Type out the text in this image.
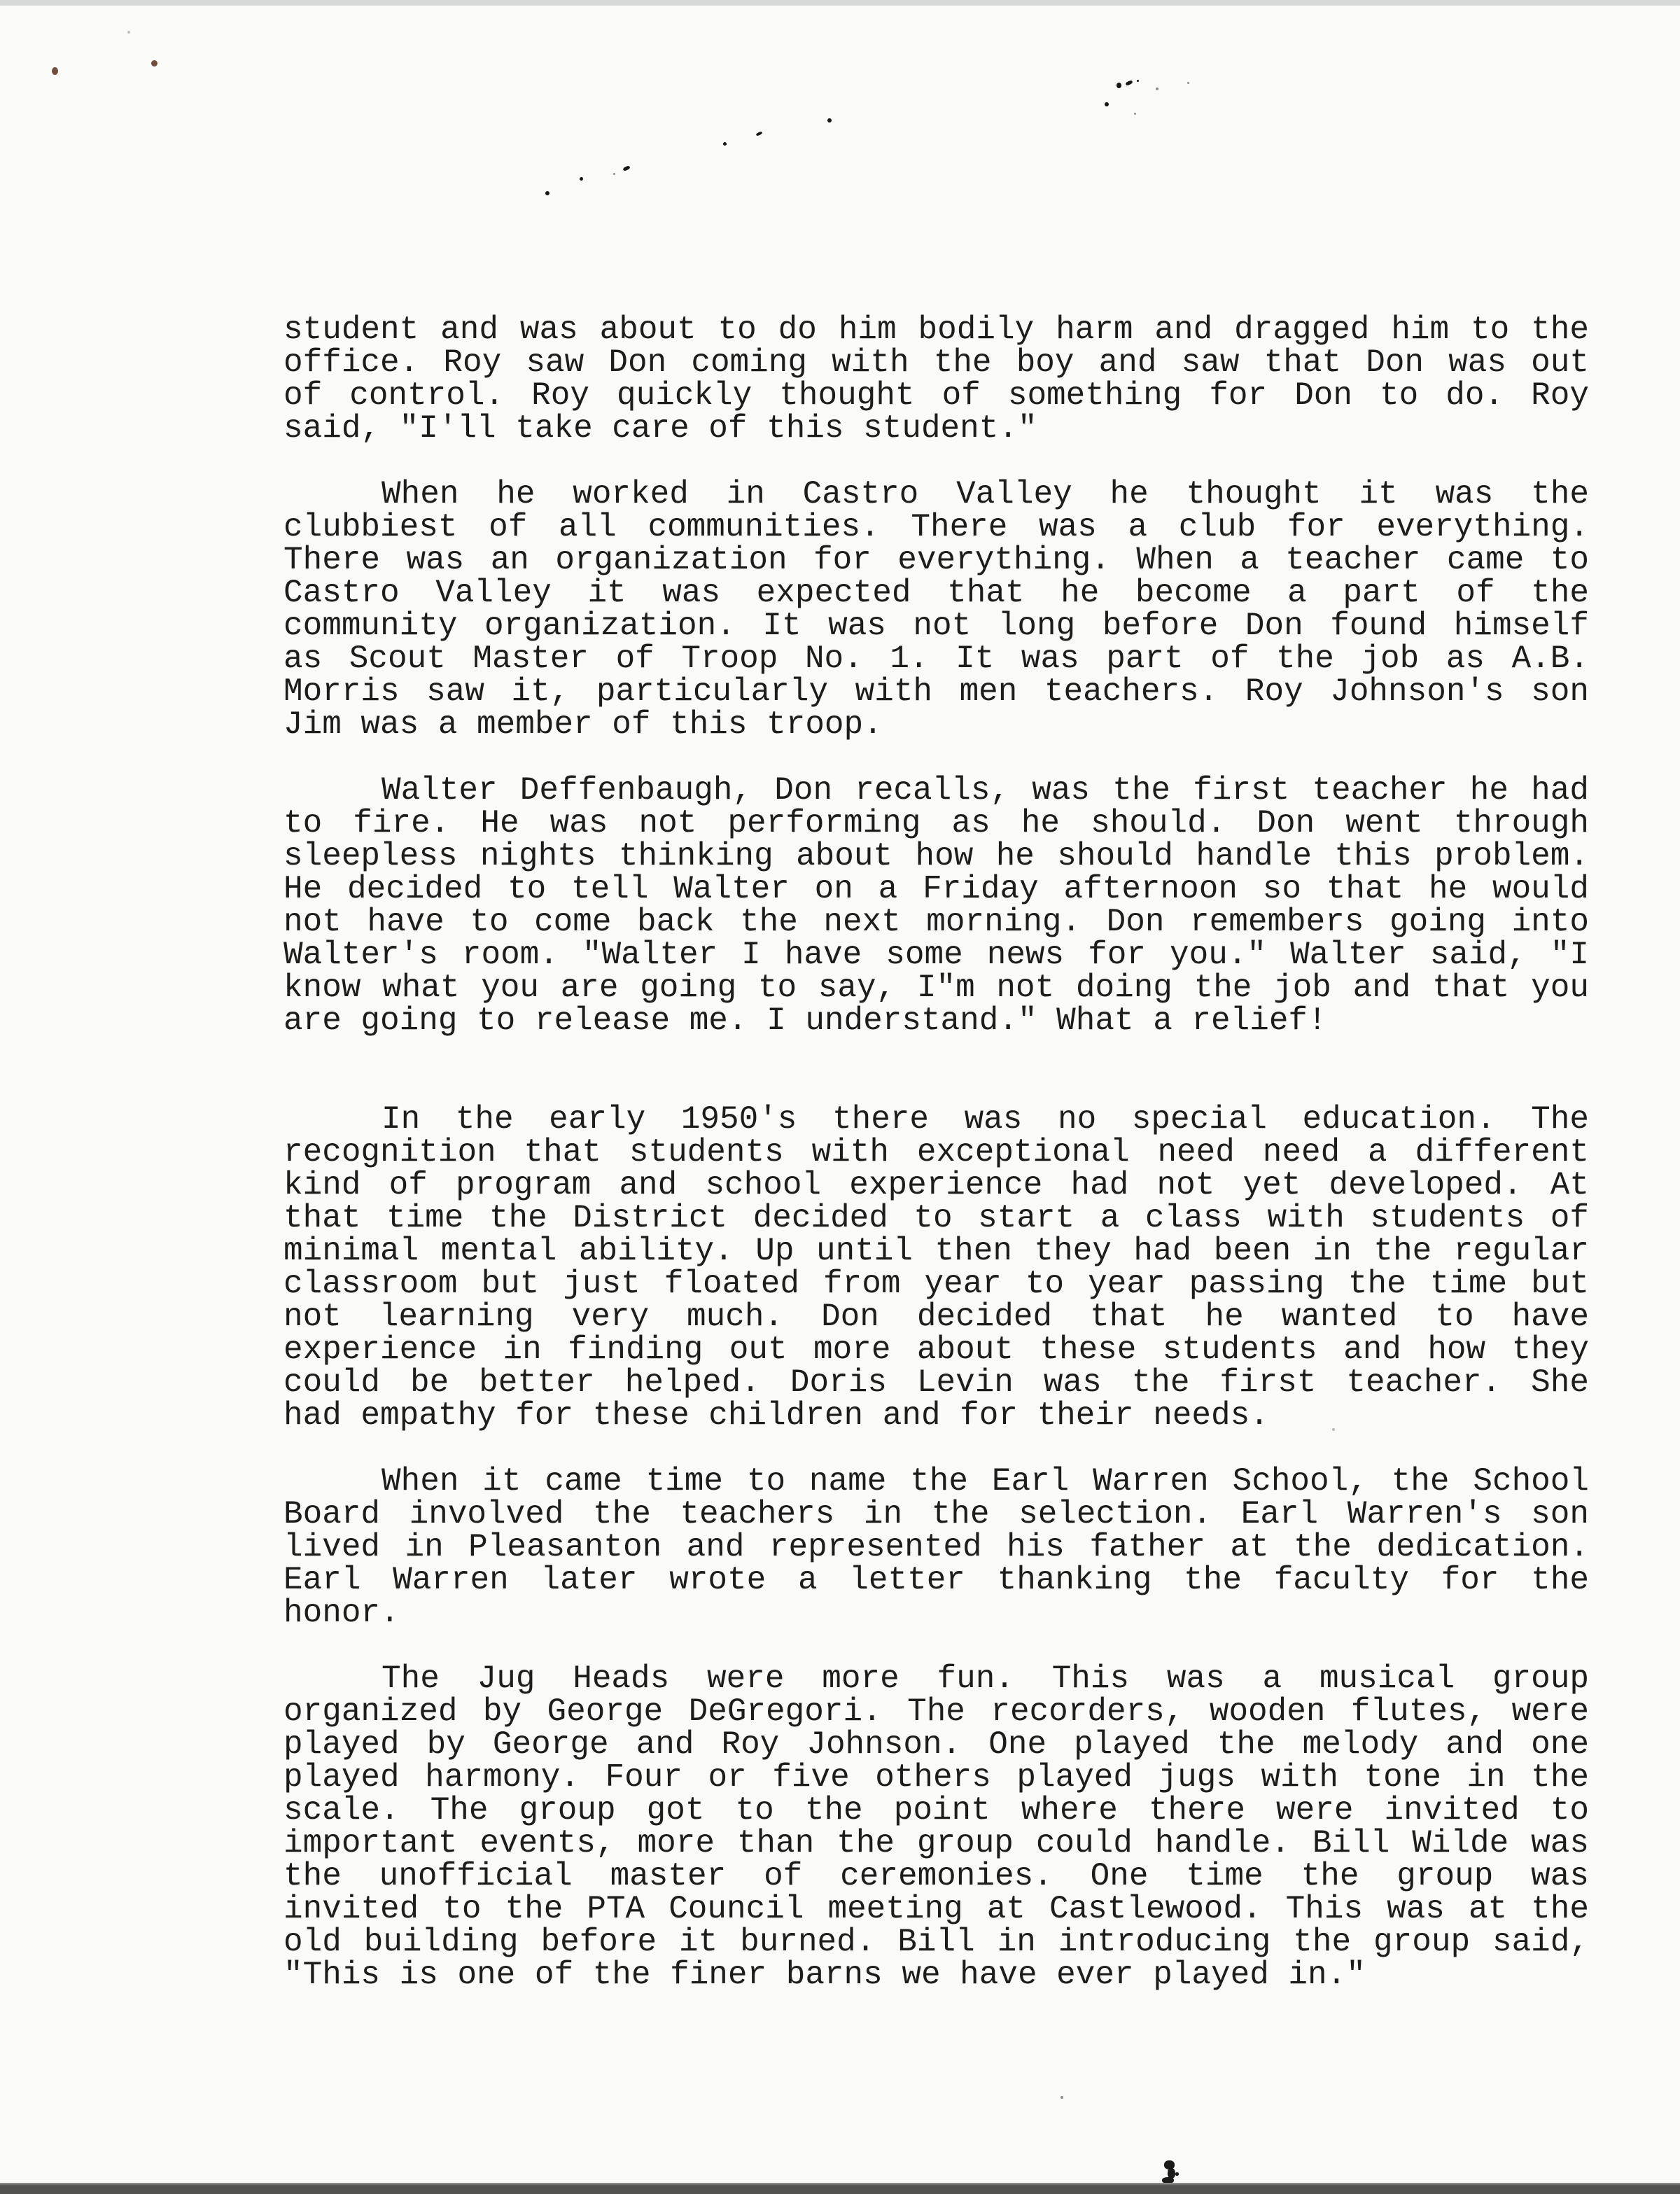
student and was about to do him bodily harm and dragged him to the
office. Roy saw Don coming with the boy and saw that Don was out
of control. Roy quickly thought of something for Don to do. Roy
said, "I'll take care of this student."
When he worked in Castro Valley he thought it was the
clubbiest of all communities. There was a club for everything.
There was an organization for everything. When a teacher came to
Castro Valley it was expected that he become a part of the
community organization. It was not long before Don found himself
as Scout Master of Troop No. 1. It was part of the job as A.B.
Morris saw it, particularly with men teachers. Roy Johnson's son
Jim was a member of this troop.
Walter Deffenbaugh, Don recalls, was the first teacher he had
to fire. He was not performing as he should. Don went through
sleepless nights thinking about how he should handle this problem.
He decided to tell Walter on a Friday afternoon so that he would
not have to come back the next morning. Don remembers going into
Walter's room. "Walter I have some news for you." Walter said, "I
know what you are going to say, I"m not doing the job and that you
are going to release me. I understand." What a relief!
In the early 1950's there was no special education. The
recognition that students with exceptional need need a different
kind of program and school experience had not yet developed. At
that time the District decided to start a class with students of
minimal mental ability. Up until then they had been in the regular
classroom but just floated from year to year passing the time but
not learning very much. Don decided that he wanted to have
experience in finding out more about these students and how they
could be better helped. Doris Levin was the first teacher. She
had empathy for these children and for their needs.
When it came time to name the Earl Warren School, the School
Board involved the teachers in the selection. Earl Warren's son
lived in Pleasanton and represented his father at the dedication.
Earl Warren later wrote a letter thanking the faculty for the
honor.
The Jug Heads were more fun. This was a musical group
organized by George DeGregori. The recorders, wooden flutes, were
played by George and Roy Johnson. One played the melody and one
played harmony. Four or five others played jugs with tone in the
scale. The group got to the point where there were invited to
important events, more than the group could handle. Bill Wilde was
the unofficial master of ceremonies. One time the group was
invited to the PTA Council meeting at Castlewood. This was at the
old building before it burned. Bill in introducing the group said,
"This is one of the finer barns we have ever played in."
